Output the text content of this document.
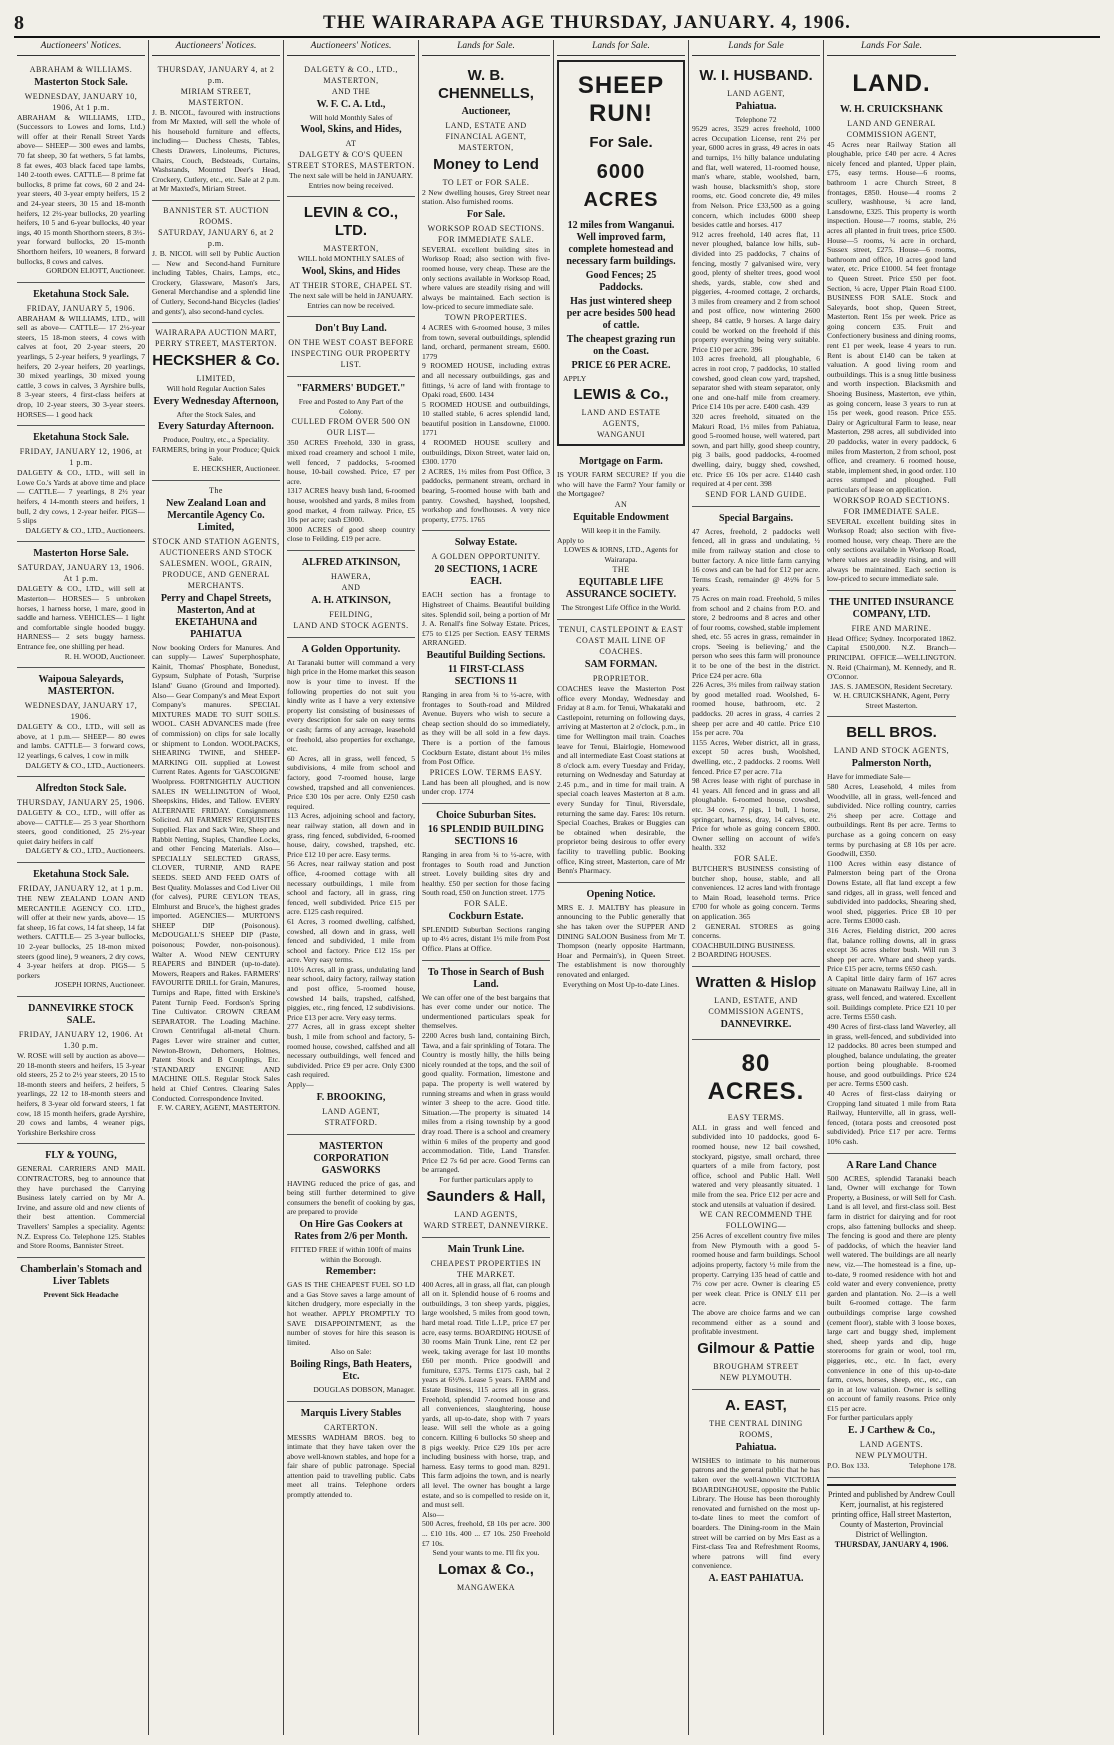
8	THE WAIRARAPA AGE THURSDAY, JANUARY. 4, 1906.
Auctioneers' Notices.
ABRAHAM & WILLIAMS.
Masterton Stock Sale.
WEDNESDAY, JANUARY 10, 1906, At 1 p.m.
ABRAHAM & WILLIAMS, LTD., (Successors to Lowes and Iorns, Ltd.) will offer at their Renall Street Yards above— SHEEP— 300 ewes and lambs, 70 fat sheep, 30 fat wethers, 5 fat lambs, 8 fat ewes, 403 black faced tape lambs, 140 2-tooth ewes. CATTLE— 8 prime fat bullocks, 8 prime fat cows, 60 2 and 24-year steers, 40 3-year empty heifers, 15 2 and 24-year steers, 30 15 and 18-month heifers, 12 2½-year bullocks, 20 yearling heifers, 10 5 and 6-year bullocks, 40 year ings, 40 15 month Shorthorn steers, 8 3½-year forward bullocks, 20 15-month Shorthorn heifers, 10 weaners, 8 forward bullocks, 8 cows and calves.
GORDON ELIOTT, Auctioneer.
Eketahuna Stock Sale.
FRIDAY, JANUARY 5, 1906.
ABRAHAM & WILLIAMS, LTD., will sell as above— CATTLE— 17 2½-year steers, 15 18-mon steers, 4 cows with calves at foot, 20 2-year steers, 20 yearlings, 5 2-year heifers, 9 yearlings, 7 heifers, 20 2-year heifers, 20 yearlings, 30 mixed yearlings, 30 mixed young cattle, 3 cows in calves, 3 Ayrshire bulls, 8 3-year steers, 4 first-class heifers at drop, 10 2-year steers, 30 3-year steers. HORSES— 1 good hack
Eketahuna Stock Sale.
FRIDAY, JANUARY 12, 1906, at 1 p.m.
DALGETY & CO., LTD., will sell in Lowe Co.'s Yards at above time and place— CATTLE— 7 yearlings, 8 2½ year heifers, 4 14-month steers and heifers, 1 bull, 2 dry cows, 1 2-year heifer. PIGS— 5 slips
DALGETY & CO., LTD., Auctioneers.
Masterton Horse Sale.
SATURDAY, JANUARY 13, 1906. At 1 p.m.
DALGETY & CO., LTD., will sell at Masterton— HORSES— 5 unbroken horses, 1 harness horse, 1 mare, good in saddle and harness. VEHICLES— 1 light and comfortable single hooded buggy. HARNESS— 2 sets buggy harness. Entrance fee, one shilling per head.
R. H. WOOD, Auctioneer.
Waipoua Saleyards, MASTERTON.
WEDNESDAY, JANUARY 17, 1906.
DALGETY & CO., LTD., will sell as above, at 1 p.m.— SHEEP— 80 ewes and lambs. CATTLE— 3 forward cows, 12 yearlings, 6 calves, 1 cow in milk
DALGETY & CO., LTD., Auctioneers.
Alfredton Stock Sale.
THURSDAY, JANUARY 25, 1906.
DALGETY & CO., LTD., will offer as above— CATTLE— 25 3 year Shorthorn steers, good conditioned, 25 2½-year quiet dairy heifers in calf
DALGETY & CO., LTD., Auctioneers.
Eketahuna Stock Sale.
FRIDAY, JANUARY 12, at 1 p.m.
THE NEW ZEALAND LOAN AND MERCANTILE AGENCY CO. LTD., will offer at their new yards, above— 15 fat sheep, 16 fat cows, 14 fat sheep, 14 fat wethers. CATTLE— 25 3-year bullocks, 10 2-year bullocks, 25 18-mon mixed steers (good line), 9 weaners, 2 dry cows, 4 3-year heifers at drop. PIGS— 5 porkers
JOSEPH IORNS, Auctioneer.
DANNEVIRKE STOCK SALE.
FRIDAY, JANUARY 12, 1906. At 1.30 p.m.
W. ROSE will sell by auction as above— 20 18-month steers and heifers, 15 3-year old steers, 25 2 to 2½ year steers, 20 15 to 18-month steers and heifers, 2 heifers, 5 yearlings, 22 12 to 18-month steers and heifers, 8 3-year old forward steers, 1 fat cow, 18 15 month heifers, grade Ayrshire, 20 cows and lambs, 4 weaner pigs, Yorkshire Berkshire cross
FLY & YOUNG,
GENERAL CARRIERS AND MAIL CONTRACTORS, beg to announce that they have purchased the Carrying Business lately carried on by Mr A. Irvine, and assure old and new clients of their best attention. Commercial Travellers' Samples a speciality. Agents: N.Z. Express Co. Telephone 125. Stables and Store Rooms, Bannister Street.
Chamberlain's Stomach and Liver Tablets
Prevent Sick Headache
Auctioneers' Notices.
THURSDAY, JANUARY 4, at 2 p.m.
MIRIAM STREET, MASTERTON.
J. B. NICOL, favoured with instructions from Mr Maxted, will sell the whole of his household furniture and effects, including— Duchess Chests, Tables, Chests Drawers, Linoleums, Pictures, Chairs, Couch, Bedsteads, Curtains, Washstands, Mounted Deer's Head, Crockery, Cutlery, etc., etc. Sale at 2 p.m. at Mr Maxted's, Miriam Street.
BANNISTER ST. AUCTION ROOMS.
SATURDAY, JANUARY 6, at 2 p.m.
J. B. NICOL will sell by Public Auction— New and Second-hand Furniture including Tables, Chairs, Lamps, etc., Crockery, Glassware, Mason's Jars, General Merchandise and a splendid line of Cutlery, Second-hand Bicycles (ladies' and gents'), also second-hand cycles.
WAIRARAPA AUCTION MART, PERRY STREET, MASTERTON.
HECKSHER & Co.
LIMITED,
Will hold Regular Auction Sales
Every Wednesday Afternoon,
After the Stock Sales, and
Every Saturday Afternoon.
Produce, Poultry, etc., a Speciality. FARMERS, bring in your Produce; Quick Sale.
E. HECKSHER, Auctioneer.
The
New Zealand Loan and Mercantile Agency Co. Limited,
STOCK AND STATION AGENTS, AUCTIONEERS AND STOCK SALESMEN. WOOL, GRAIN, PRODUCE, AND GENERAL MERCHANTS.
Perry and Chapel Streets, Masterton, And at EKETAHUNA and PAHIATUA
Now booking Orders for Manures. And can supply— Lawes' Superphosphate, Kainit, Thomas' Phosphate, Bonedust, Gypsum, Sulphate of Potash, 'Surprise Island' Guano (Ground and Imported). Also— Gear Company's and Meat Export Company's manures. SPECIAL MIXTURES MADE TO SUIT SOILS. WOOL. CASH ADVANCES made (free of commission) on clips for sale locally or shipment to London. WOOLPACKS, SHEARING TWINE, and SHEEP-MARKING OIL supplied at Lowest Current Rates. Agents for 'GASCOIGNE' Woolpress. FORTNIGHTLY AUCTION SALES IN WELLINGTON of Wool, Sheepskins, Hides, and Tallow. EVERY ALTERNATE FRIDAY. Consignments Solicited. All FARMERS' REQUISITES Supplied. Flax and Sack Wire, Sheep and Rabbit Netting, Staples, Chandlee Locks, and other Fencing Materials. Also— SPECIALLY SELECTED GRASS, CLOVER, TURNIP, AND RAPE SEEDS. SEED AND FEED OATS of Best Quality. Molasses and Cod Liver Oil (for calves), PURE CEYLON TEAS, Elmhurst and Bruce's, the highest grades imported. AGENCIES— MURTON'S SHEEP DIP (Poisonous). McDOUGALL'S SHEEP DIP (Paste, poisonous; Powder, non-poisonous). Walter A. Wood NEW CENTURY REAPERS and BINDER (up-to-date). Mowers, Reapers and Rakes. FARMERS' FAVOURITE DRILL for Grain, Manures, Turnips and Rape, fitted with Erskine's Patent Turnip Feed. Fordson's Spring Tine Cultivator. CROWN CREAM SEPARATOR. The Loading Machine. Crown Centrifugal all-metal Churn. Pages Lever wire strainer and cutter, Newton-Brown, Dehorners, Holmes, Patent Stock and B Couplings, Etc. 'STANDARD' ENGINE AND MACHINE OILS. Regular Stock Sales held at Chief Centres. Clearing Sales Conducted. Correspondence Invited.
F. W. CAREY, AGENT, MASTERTON.
Auctioneers' Notices.
DALGETY & CO., LTD., MASTERTON,
AND THE
W. F. C. A. Ltd.,
Will hold Monthly Sales of
Wool, Skins, and Hides,
AT
DALGETY & CO'S QUEEN STREET STORES, MASTERTON.
The next sale will be held in JANUARY.
Entries now being received.
LEVIN & CO., LTD.
MASTERTON,
WILL hold MONTHLY SALES of
Wool, Skins, and Hides
AT THEIR STORE, CHAPEL ST.
The next sale will be held in JANUARY.
Entries can now be received.
Don't Buy Land.
ON THE WEST COAST BEFORE INSPECTING OUR PROPERTY LIST.
"FARMERS' BUDGET."
Free and Posted to Any Part of the Colony.
CULLED FROM OVER 500 ON OUR LIST—
350 ACRES Freehold, 330 in grass, mixed road creamery and school 1 mile, well fenced, 7 paddocks, 5-roomed house, 10-bail cowshed. Price, £7 per acre.
1317 ACRES heavy bush land, 6-roomed house, woolshed and yards, 8 miles from good market, 4 from railway. Price, £5 10s per acre; cash £3000.
3000 ACRES of good sheep country close to Feilding. £19 per acre.
ALFRED ATKINSON,
HAWERA,
AND
A. H. ATKINSON,
FEILDING,
LAND AND STOCK AGENTS.
A Golden Opportunity.
At Taranaki butter will command a very high price in the Home market this season now is your time to invest. If the following properties do not suit you kindly write as I have a very extensive property list consisting of businesses of every description for sale on easy terms or cash; farms of any acreage, leasehold or freehold, also properties for exchange, etc.
60 Acres, all in grass, well fenced, 5 subdivisions, 4 mile from school and factory, good 7-roomed house, large cowshed, trapshed and all conveniences. Price £30 10s per acre. Only £250 cash required.
113 Acres, adjoining school and factory, near railway station, all down and in grass, ring fenced, subdivided, 6-roomed house, dairy, cowshed, trapshed, etc. Price £12 10 per acre. Easy terms.
56 Acres, near railway station and post office, 4-roomed cottage with all necessary outbuildings, 1 mile from school and factory, all in grass, ring fenced, well subdivided. Price £15 per acre. £125 cash required.
61 Acres, 3 roomed dwelling, calfshed, cowshed, all down and in grass, well fenced and subdivided, 1 mile from school and factory. Price £12 15s per acre. Very easy terms.
110½ Acres, all in grass, undulating land near school, dairy factory, railway station and post office, 5-roomed house, cowshed 14 bails, trapshed, calfshed, piggies, etc., ring fenced, 12 subdivisions. Price £13 per acre. Very easy terms.
277 Acres, all in grass except shelter bush, 1 mile from school and factory, 5-roomed house, cowshed, calfshed and all necessary outbuildings, well fenced and subdivided. Price £9 per acre. Only £300 cash required.
Apply—
F. BROOKING,
LAND AGENT,
STRATFORD.
MASTERTON CORPORATION GASWORKS
HAVING reduced the price of gas, and being still further determined to give consumers the benefit of cooking by gas, are prepared to provide
On Hire Gas Cookers at Rates from 2/6 per Month.
FITTED FREE if within 100ft of mains within the Borough.
Remember:
GAS IS THE CHEAPEST FUEL SO LD and a Gas Stove saves a large amount of kitchen drudgery, more especially in the hot weather. APPLY PROMPTLY TO SAVE DISAPPOINTMENT, as the number of stoves for hire this season is limited.
Also on Sale:
Boiling Rings, Bath Heaters, Etc.
DOUGLAS DOBSON, Manager.
Marquis Livery Stables
CARTERTON.
MESSRS WADHAM BROS. beg to intimate that they have taken over the above well-known stables, and hope for a fair share of public patronage. Special attention paid to travelling public. Cabs meet all trains. Telephone orders promptly attended to.
Lands for Sale.
W. B. CHENNELLS,
Auctioneer,
LAND, ESTATE AND FINANCIAL AGENT, MASTERTON,
Money to Lend
TO LET or FOR SALE.
2 New dwelling houses, Grey Street near station. Also furnished rooms.
For Sale.
WORKSOP ROAD SECTIONS. FOR IMMEDIATE SALE.
SEVERAL excellent building sites in Worksop Road; also section with five-roomed house, very cheap. These are the only sections available in Worksop Road, where values are steadily rising and will always be maintained. Each section is low-priced to secure immediate sale.
TOWN PROPERTIES.
4 ACRES with 6-roomed house, 3 miles from town, several outbuildings, splendid land, orchard, permanent stream, £600. 1779
9 ROOMED HOUSE, including extras and all necessary outbuildings, gas and fittings, ¼ acre of land with frontage to Opaki road, £600. 1434
5 ROOMED HOUSE and outbuildings, 10 stalled stable, 6 acres splendid land, beautiful position in Lansdowne, £1000. 1771
4 ROOMED HOUSE scullery and outbuildings, Dixon Street, water laid on, £300. 1770
2 ACRES, 1½ miles from Post Office, 3 paddocks, permanent stream, orchard in bearing, 5-roomed house with bath and pantry. Cowshed, hayshed, loopshed, workshop and fowlhouses. A very nice property, £775. 1765
Solway Estate.
A GOLDEN OPPORTUNITY.
20 SECTIONS, 1 ACRE EACH.
EACH section has a frontage to Highstreet of Chaims. Beautiful building sites. Splendid soil, being a portion of Mr J. A. Renall's fine Solway Estate. Prices, £75 to £125 per Section. EASY TERMS ARRANGED.
Beautiful Building Sections.
11 FIRST-CLASS SECTIONS 11
Ranging in area from ¼ to ½-acre, with frontages to South-road and Mildred Avenue. Buyers who wish to secure a cheap section should do so immediately, as they will be all sold in a few days. There is a portion of the famous Cockburn Estate, distant about 1½ miles from Post Office.
PRICES LOW. TERMS EASY.
Land has been all ploughed, and is now under crop. 1774
Choice Suburban Sites.
16 SPLENDID BUILDING SECTIONS 16
Ranging in area from ¼ to ½-acre, with frontages to South road and Junction street. Lovely building sites dry and healthy. £50 per section for those facing South road, £50 on Junction street. 1775
FOR SALE.
Cockburn Estate.
SPLENDID Suburban Sections ranging up to 4½ acres, distant 1½ mile from Post Office. Plans at Office.
To Those in Search of Bush Land.
We can offer one of the best bargains that has ever come under our notice. The undermentioned particulars speak for themselves.
2200 Acres bush land, containing Birch, Tawa, and a fair sprinkling of Totara. The Country is mostly hilly, the hills being nicely rounded at the tops, and the soil of good quality. Formation, limestone and papa. The property is well watered by running streams and when in grass would winter 3 sheep to the acre. Good title. Situation.—The property is situated 14 miles from a rising township by a good dray road. There is a school and creamery within 6 miles of the property and good accommodation. Title, Land Transfer. Price £2 7s 6d per acre. Good Terms can be arranged.
For further particulars apply to
Saunders & Hall,
LAND AGENTS,
WARD STREET, DANNEVIRKE.
Main Trunk Line.
CHEAPEST PROPERTIES IN THE MARKET.
400 Acres, all in grass, all flat, can plough all on it. Splendid house of 6 rooms and outbuildings, 3 ton sheep yards, piggies, large woolshed, 5 miles from good town, hard metal road. Title L.I.P., price £7 per acre, easy terms. BOARDING HOUSE of 30 rooms Main Trunk Line, rent £2 per week, taking average for last 10 months £60 per month. Price goodwill and furniture, £375. Terms £175 cash, bal 2 years at 6½%. Lease 5 years. FARM and Estate Business, 115 acres all in grass. Freehold, splendid 7-roomed house and all conveniences, slaughtering, house yards, all up-to-date, shop with 7 years lease. Will sell the whole as a going concern. Killing 6 bullocks 50 sheep and 8 pigs weekly. Price £29 10s per acre including business with horse, trap, and harness. Easy terms to good man. 8291. This farm adjoins the town, and is nearly all level. The owner has bought a large estate, and so is compelled to reside on it, and must sell.
Also—
500 Acres, freehold, £8 10s per acre. 300 ... £10 10s. 400 ... £7 10s. 250 Freehold £7 10s.
Send your wants to me. I'll fix you.
Lomax & Co.,
MANGAWEKA
Lands for Sale.
SHEEP RUN!
For Sale.
6000 ACRES
12 miles from Wanganui. Well improved farm, complete homestead and necessary farm buildings.
Good Fences; 25 Paddocks.
Has just wintered sheep per acre besides 500 head of cattle.
The cheapest grazing run on the Coast.
PRICE £6 PER ACRE.
APPLY
LEWIS & Co.,
LAND AND ESTATE AGENTS,
WANGANUI
Mortgage on Farm.
IS YOUR FARM SECURE? If you die who will have the Farm? Your family or the Mortgagee?
AN
Equitable Endowment
Will keep it in the Family.
Apply to
LOWES & IORNS, LTD., Agents for Wairarapa.
THE
EQUITABLE LIFE ASSURANCE SOCIETY.
The Strongest Life Office in the World.
TENUI, CASTLEPOINT & EAST COAST MAIL LINE OF COACHES.
SAM FORMAN.
PROPRIETOR.
COACHES leave the Masterton Post office every Monday, Wednesday and Friday at 8 a.m. for Tenui, Whakataki and Castlepoint, returning on following days, arriving at Masterton at 2 o'clock, p.m., in time for Wellington mail train. Coaches leave for Tenui, Blairlogie, Homewood and all intermediate East Coast stations at 8 o'clock a.m. every Tuesday and Friday, returning on Wednesday and Saturday at 2.45 p.m., and in time for mail train. A special coach leaves Masterton at 8 a.m. every Sunday for Tinui, Riversdale, returning the same day. Fares: 10s return. Special Coaches, Brakes or Buggies can be obtained when desirable, the proprietor being desirous to offer every facility to travelling public. Booking office, King street, Masterton, care of Mr Benn's Pharmacy.
Opening Notice.
MRS E. J. MALTBY has pleasure in announcing to the Public generally that she has taken over the SUPPER AND DINING SALOON Business from Mr T. Thompson (nearly opposite Hartmann, Hoar and Permain's), in Queen Street. The establishment is now thoroughly renovated and enlarged.
Everything on Most Up-to-date Lines.
Lands for Sale
W. I. HUSBAND.
LAND AGENT,
Pahiatua.
Telephone 72
9529 acres, 3529 acres freehold, 1000 acres Occupation License, rent 2½ per year, 6000 acres in grass, 49 acres in oats and turnips, 1½ hilly balance undulating and flat, well watered, 11-roomed house, man's whare, stable, woolshed, barn, wash house, blacksmith's shop, store rooms, etc. Good concrete die, 49 miles from Nelson. Price £33,500 as a going concern, which includes 6000 sheep besides cattle and horses. 417
912 acres freehold, 140 acres flat, 11 never ploughed, balance low hills, sub-divided into 25 paddocks, 7 chains of fencing, mostly 7 galvanised wire, very good, plenty of shelter trees, good wool sheds, yards, stable, cow shed and piggeries, 4-roomed cottage, 2 orchards, 3 miles from creamery and 2 from school and post office, now wintering 2600 sheep, 84 cattle, 9 horses. A large dairy could be worked on the freehold if this property everything being very suitable. Price £10 per acre. 396
103 acres freehold, all ploughable, 6 acres in root crop, 7 paddocks, 10 stalled cowshed, good clean cow yard, trapshed, separator shed with steam separator, only one and one-half mile from creamery. Price £14 10s per acre. £400 cash. 439
320 acres freehold, situated on the Makuri Road, 1½ miles from Pahiatua, good 5-roomed house, well watered, part sown, and part hilly, good sheep country, pig 3 bails, good paddocks, 4-roomed dwelling, dairy, buggy shed, cowshed, etc. Price £6 10s per acre. £1440 cash required at 4 per cent. 398
SEND FOR LAND GUIDE.
Special Bargains.
47 Acres, freehold, 2 paddocks well fenced, all in grass and undulating, ½ mile from railway station and close to butter factory. A nice little farm carrying 16 cows and can be had for £12 per acre. Terms £cash, remainder @ 4½% for 5 years.
75 Acres on main road. Freehold, 5 miles from school and 2 chains from P.O. and store, 2 bedrooms and 8 acres and other of four rooms, cowshed, stable implement shed, etc. 55 acres in grass, remainder in crops. 'Seeing is believing,' and the person who sees this farm will pronounce it to be one of the best in the district. Price £24 per acre. 60a
226 Acres, 3½ miles from railway station by good metalled road. Woolshed, 6-roomed house, bathroom, etc. 2 paddocks. 20 acres in grass, 4 carries 2 sheep per acre and 40 cattle. Price £10 15s per acre. 70a
1155 Acres, Weber district, all in grass, except 50 acres bush, Woolshed, dwelling, etc., 2 paddocks. 2 rooms. Well fenced. Price £7 per acre. 71a
98 Acres lease with right of purchase in 41 years. All fenced and in grass and all ploughable. 6-roomed house, cowshed, etc. 34 cows, 7 pigs, 1 bull, 1 horse, springcart, harness, dray, 14 calves, etc. Price for whole as going concern £800. Owner selling on account of wife's health. 332
FOR SALE.
BUTCHER'S BUSINESS consisting of butcher shop, house, stable, and all conveniences. 12 acres land with frontage to Main Road, leasehold terms. Price £700 for whole as going concern. Terms on application. 365
2 GENERAL STORES as going concerns.
COACHBUILDING BUSINESS.
2 BOARDING HOUSES.
Wratten & Hislop
LAND, ESTATE, AND COMMISSION AGENTS,
DANNEVIRKE.
80 ACRES.
EASY TERMS.
ALL in grass and well fenced and subdivided into 10 paddocks, good 6-roomed house, new 12 bail cowshed, stockyard, pigstye, small orchard, three quarters of a mile from factory, post office, school and Public Hall. Well watered and very pleasantly situated. 1 mile from the sea. Price £12 per acre and stock and utensils at valuation if desired.
WE CAN RECOMMEND THE FOLLOWING—
256 Acres of excellent country five miles from New Plymouth with a good 5-roomed house and farm buildings. School adjoins property, factory ½ mile from the property. Carrying 135 head of cattle and 7½ cow per acre. Owner is clearing £5 per week clear. Price is ONLY £11 per acre.
The above are choice farms and we can recommend either as a sound and profitable investment.
Gilmour & Pattie
BROUGHAM STREET
NEW PLYMOUTH.
A. EAST,
THE CENTRAL DINING ROOMS,
Pahiatua.
WISHES to intimate to his numerous patrons and the general public that he has taken over the well-known VICTORIA BOARDINGHOUSE, opposite the Public Library. The House has been thoroughly renovated and furnished on the most up-to-date lines to meet the comfort of boarders. The Dining-room in the Main street will be carried on by Mrs East as a First-class Tea and Refreshment Rooms, where patrons will find every convenience.
A. EAST PAHIATUA.
Lands For Sale.
LAND.
W. H. CRUICKSHANK
LAND AND GENERAL COMMISSION AGENT,
45 Acres near Railway Station all ploughable, price £40 per acre. 4 Acres nicely fenced and planted, Upper plain, £75, easy terms. House—6 rooms, bathroom 1 acre Church Street, 8 frontages, £850. House—4 rooms 2 scullery, washhouse, ¼ acre land, Lansdowne, £325. This property is worth inspection. House—7 rooms, stable, 2½ acres all planted in fruit trees, price £500. House—5 rooms, ¼ acre in orchard, Sussex street, £275. House—6 rooms, bathroom and office, 10 acres good land water, etc. Price £1000. 54 feet frontage to Queen Street. Price £50 per foot. Section, ¼ acre, Upper Plain Road £100. BUSINESS FOR SALE. Stock and Saleyards, boot shop, Queen Street, Masterton. Rent 15s per week. Price as going concern £35. Fruit and Confectionery business and dining rooms, rent £1 per week, lease 4 years to run. Rent is about £140 can be taken at valuation. A good living room and outbuildings. This is a snug little business and worth inspection. Blacksmith and Shoeing Business, Masterton, eve ythin, as going concern, lease 3 years to run at 15s per week, good reason. Price £55. Dairy or Agricultural Farm to lease, near Masterton, 298 acres, all subdivided into 20 paddocks, water in every paddock, 6 miles from Masterton, 2 from school, post office, and creamery. 6 roomed house, stable, implement shed, in good order. 110 acres stumped and ploughed. Full particulars of lease on application.
WORKSOP ROAD SECTIONS.
FOR IMMEDIATE SALE.
SEVERAL excellent building sites in Worksop Road; also section with five-roomed house, very cheap. There are the only sections available in Worksop Road, where values are steadily rising, and will always be maintained. Each section is low-priced to secure immediate sale.
THE UNITED INSURANCE COMPANY, LTD.
FIRE AND MARINE.
Head Office; Sydney. Incorporated 1862. Capital £500,000. N.Z. Branch— PRINCIPAL OFFICE—WELLINGTON. N. Reid (Chairman), M. Kennedy, and R. O'Connor.
JAS. S. JAMESON, Resident Secretary.
W. H. CRUICKSHANK, Agent, Perry Street Masterton.
BELL BROS.
LAND AND STOCK AGENTS,
Palmerston North,
Have for immediate Sale—
580 Acres, Leasehold, 4 miles from Woodville, all in grass, well-fenced and subdivided. Nice rolling country, carries 2½ sheep per acre. Cottage and outbuildings. Rent 8s per acre. Terms to purchase as a going concern on easy terms by purchasing at £8 10s per acre. Goodwill, £350.
1100 Acres within easy distance of Palmerston being part of the Orona Downs Estate, all flat land except a few sand ridges, all in grass, well fenced and subdivided into paddocks, Shearing shed, wool shed, piggeries. Price £8 10 per acre. Terms £3000 cash.
316 Acres, Fielding district, 200 acres flat, balance rolling downs, all in grass except 36 acres shelter bush. Will run 3 sheep per acre. Whare and sheep yards. Price £15 per acre, terms £650 cash.
A Capital little dairy farm of 167 acres situate on Manawatu Railway Line, all in grass, well fenced, and watered. Excellent soil. Buildings complete. Price £21 10 per acre. Terms £550 cash.
490 Acres of first-class land Waverley, all in grass, well-fenced, and subdivided into 12 paddocks. 80 acres been stumped and ploughed, balance undulating, the greater portion being ploughable. 8-roomed house, and good outbuildings. Price £24 per acre. Terms £500 cash.
40 Acres of first-class dairying or Cropping land situated 1 mile from Rata Railway, Hunterville, all in grass, well-fenced, (totara posts and creosoted post subdivided). Price £17 per acre. Terms 10% cash.
A Rare Land Chance
500 ACRES, splendid Taranaki beach land, Owner will exchange for Town Property, a Business, or will Sell for Cash. Land is all level, and first-class soil. Best farm in district for dairying and for root crops, also fattening bullocks and sheep. The fencing is good and there are plenty of paddocks, of which the heavier land well watered. The buildings are all nearly new, viz.—The homestead is a fine, up-to-date, 9 roomed residence with hot and cold water and every convenience, pretty garden and plantation. No. 2—is a well built 6-roomed cottage. The farm outbuildings comprise large cowshed (cement floor), stable with 3 loose boxes, large cart and buggy shed, implement shed, sheep yards and dip, huge storerooms for grain or wool, tool rm, piggeries, etc., etc. In fact, every convenience in one of this up-to-date farm, cows, horses, sheep, etc., etc., can go in at low valuation. Owner is selling on account of family reasons. Price only £15 per acre.
For further particulars apply
E. J Carthew & Co.,
LAND AGENTS.
NEW PLYMOUTH.
P.O. Box 133.	Telephone 178.
Printed and published by Andrew Coull Kerr, journalist, at his registered printing office, Hall street Masterton, County of Masterton, Provincial District of Wellington.
THURSDAY, JANUARY 4, 1906.
